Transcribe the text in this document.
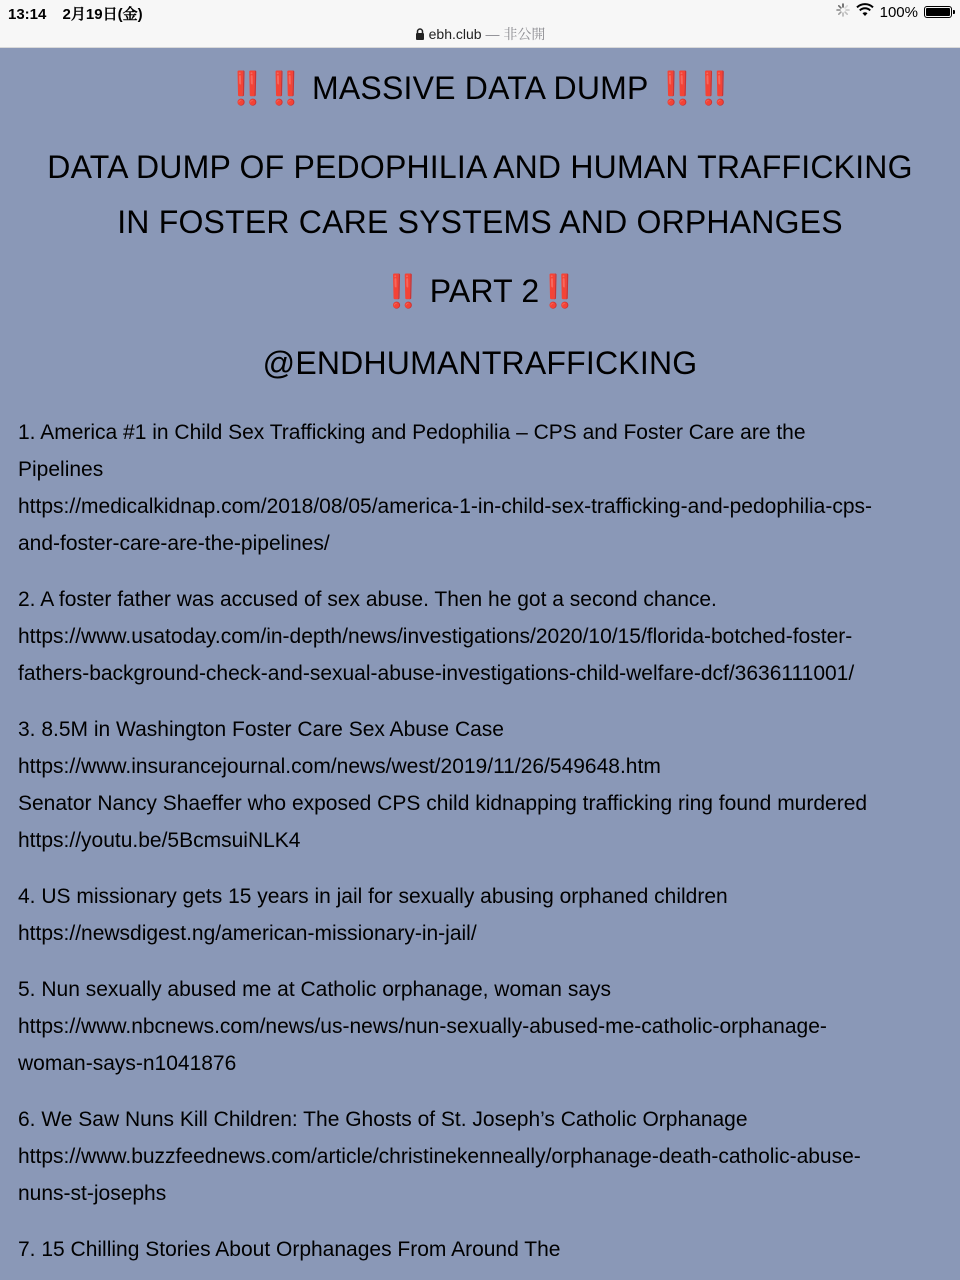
13:14 2月19日(金)	100%
ebh.club — 非公開
‼️‼️ MASSIVE DATA DUMP ‼️‼️
DATA DUMP OF PEDOPHILIA AND HUMAN TRAFFICKING
IN FOSTER CARE SYSTEMS AND ORPHANGES
‼️ PART 2‼️
@ENDHUMANTRAFFICKING
1. America #1 in Child Sex Trafficking and Pedophilia – CPS and Foster Care are the
Pipelines
https://medicalkidnap.com/2018/08/05/america-1-in-child-sex-trafficking-and-pedophilia-cps-
and-foster-care-are-the-pipelines/
2. A foster father was accused of sex abuse. Then he got a second chance.
https://www.usatoday.com/in-depth/news/investigations/2020/10/15/florida-botched-foster-
fathers-background-check-and-sexual-abuse-investigations-child-welfare-dcf/3636111001/
3. 8.5M in Washington Foster Care Sex Abuse Case
https://www.insurancejournal.com/news/west/2019/11/26/549648.htm
Senator Nancy Shaeffer who exposed CPS child kidnapping trafficking ring found murdered
https://youtu.be/5BcmsuiNLK4
4. US missionary gets 15 years in jail for sexually abusing orphaned children
https://newsdigest.ng/american-missionary-in-jail/
5. Nun sexually abused me at Catholic orphanage, woman says
https://www.nbcnews.com/news/us-news/nun-sexually-abused-me-catholic-orphanage-
woman-says-n1041876
6. We Saw Nuns Kill Children: The Ghosts of St. Joseph’s Catholic Orphanage
https://www.buzzfeednews.com/article/christinekenneally/orphanage-death-catholic-abuse-
nuns-st-josephs
7. 15 Chilling Stories About Orphanages From Around The
